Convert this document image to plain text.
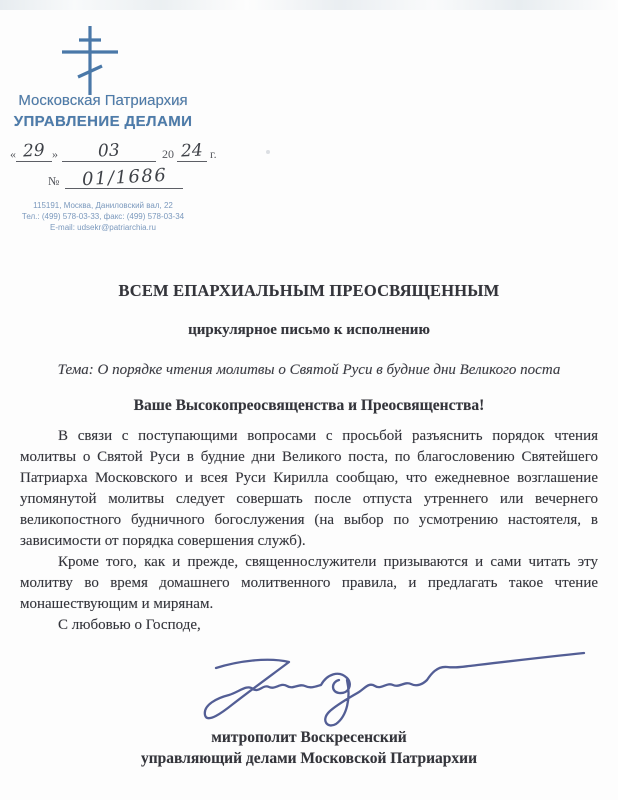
Московская Патриархия
УПРАВЛЕНИЕ ДЕЛАМИ
« 29 »	03	20 24 г.
№	01/1686
115191, Москва, Даниловский вал, 22
Тел.: (499) 578-03-33, факс: (499) 578-03-34
E-mail: udsekr@patriarchia.ru
ВСЕМ ЕПАРХИАЛЬНЫМ ПРЕОСВЯЩЕННЫМ
циркулярное письмо к исполнению
Тема: О порядке чтения молитвы о Святой Руси в будние дни Великого поста
Ваше Высокопреосвященства и Преосвященства!

В связи с поступающими вопросами с просьбой разъяснить порядок чтения молитвы о Святой Руси в будние дни Великого поста, по благословению Святейшего Патриарха Московского и всея Руси Кирилла сообщаю, что ежедневное возглашение упомянутой молитвы следует совершать после отпуста утреннего или вечернего великопостного будничного богослужения (на выбор по усмотрению настоятеля, в зависимости от порядка совершения служб).

Кроме того, как и прежде, священнослужители призываются и сами читать эту молитву во время домашнего молитвенного правила, и предлагать такое чтение монашествующим и мирянам.

С любовью о Господе,

митрополит Воскресенский
управляющий делами Московской Патриархии
